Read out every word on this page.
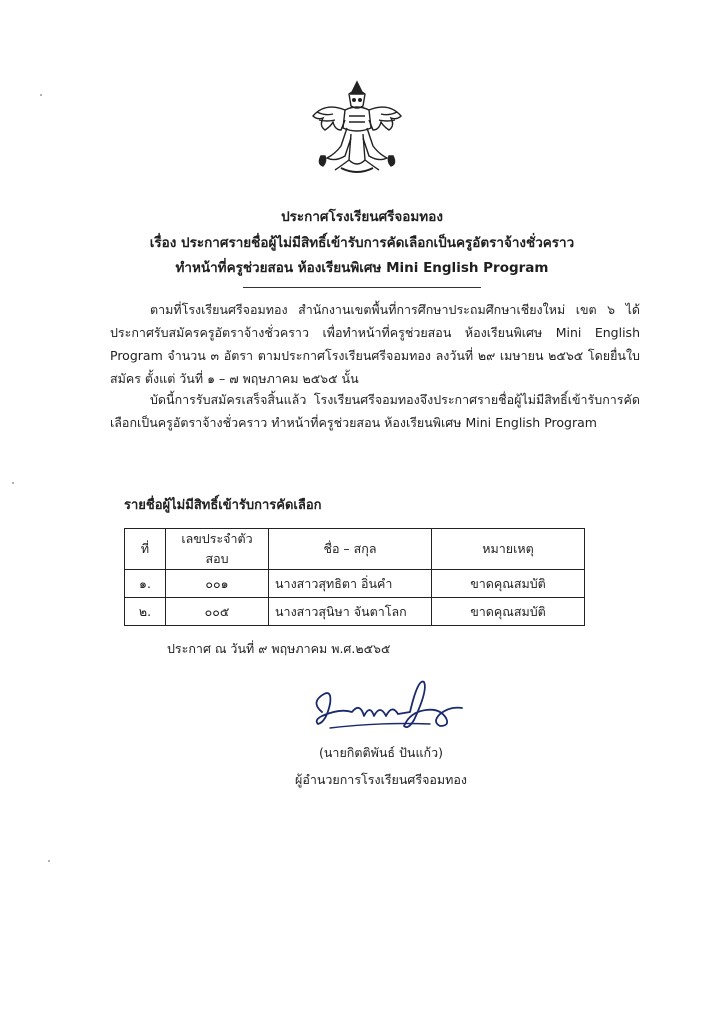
ประกาศโรงเรียนศรีจอมทอง
เรื่อง ประกาศรายชื่อผู้ไม่มีสิทธิ์เข้ารับการคัดเลือกเป็นครูอัตราจ้างชั่วคราว
ทำหน้าที่ครูช่วยสอน ห้องเรียนพิเศษ Mini English Program
ตามที่โรงเรียนศรีจอมทอง สำนักงานเขตพื้นที่การศึกษาประถมศึกษาเชียงใหม่ เขต ๖ ได้ประกาศรับสมัครครูอัตราจ้างชั่วคราว เพื่อทำหน้าที่ครูช่วยสอน ห้องเรียนพิเศษ Mini English Program จำนวน ๓ อัตรา ตามประกาศโรงเรียนศรีจอมทอง ลงวันที่ ๒๙ เมษายน ๒๕๖๕ โดยยื่นใบสมัคร ตั้งแต่ วันที่ ๑ – ๗ พฤษภาคม ๒๕๖๕ นั้น
บัดนี้การรับสมัครเสร็จสิ้นแล้ว โรงเรียนศรีจอมทองจึงประกาศรายชื่อผู้ไม่มีสิทธิ์เข้ารับการคัดเลือกเป็นครูอัตราจ้างชั่วคราว ทำหน้าที่ครูช่วยสอน ห้องเรียนพิเศษ Mini English Program
รายชื่อผู้ไม่มีสิทธิ์เข้ารับการคัดเลือก
ที่	เลขประจำตัวสอบ	ชื่อ – สกุล	หมายเหตุ
๑.	๐๐๑	นางสาวสุทธิตา อิ่นคำ	ขาดคุณสมบัติ
๒.	๐๐๕	นางสาวสุนิษา จันตาโลก	ขาดคุณสมบัติ
ประกาศ ณ วันที่ ๙ พฤษภาคม พ.ศ.๒๕๖๕
(นายกิตติพันธ์ ปันแก้ว)
ผู้อำนวยการโรงเรียนศรีจอมทอง
